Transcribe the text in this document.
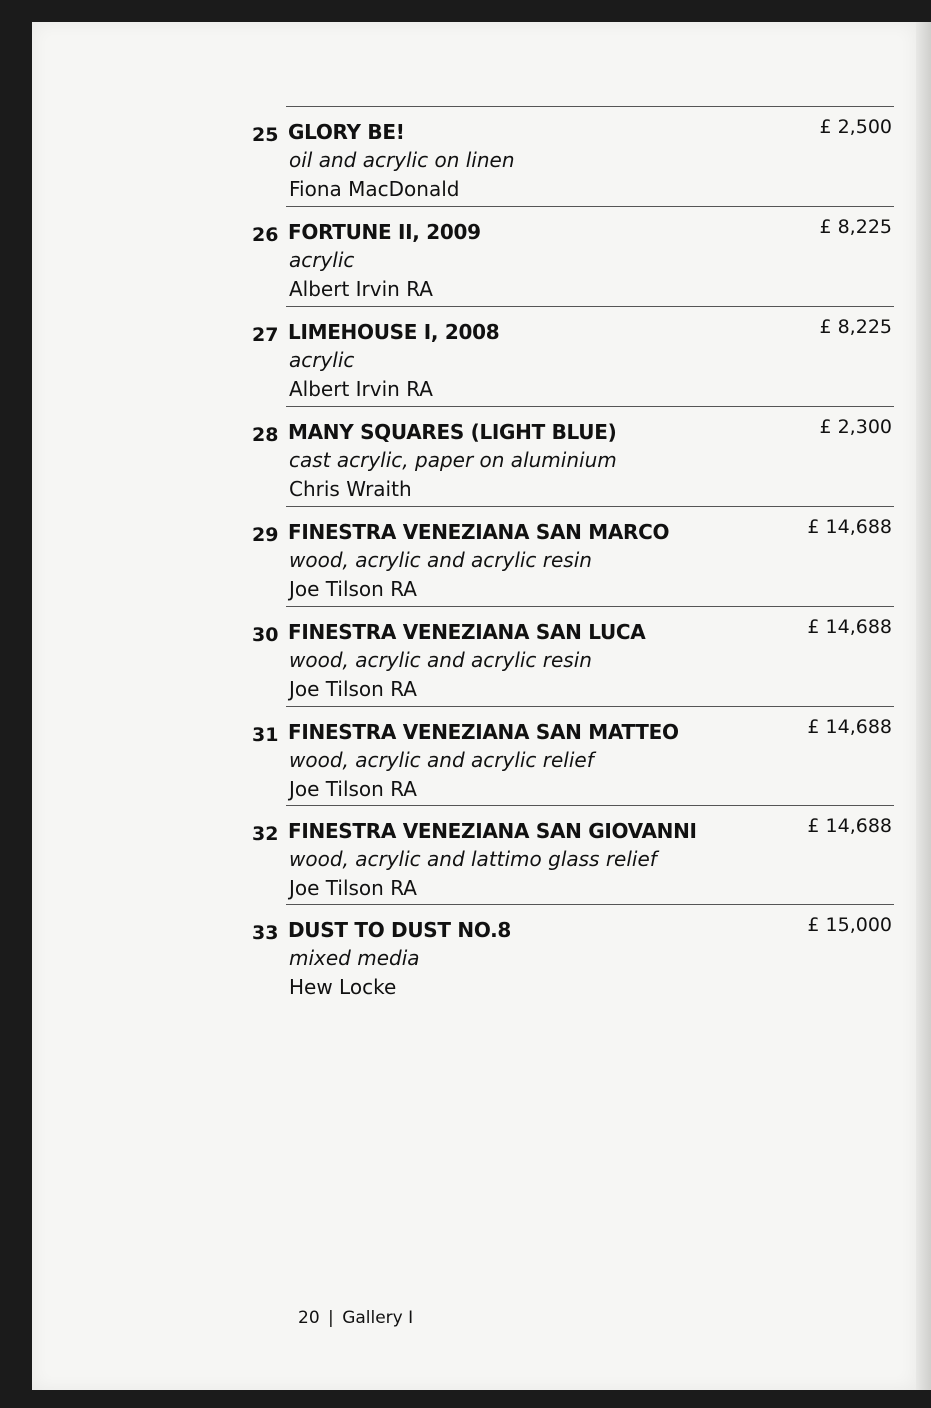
25 GLORY BE!
oil and acrylic on linen
Fiona MacDonald
£ 2,500
26 FORTUNE II, 2009
acrylic
Albert Irvin RA
£ 8,225
27 LIMEHOUSE I, 2008
acrylic
Albert Irvin RA
£ 8,225
28 MANY SQUARES (LIGHT BLUE)
cast acrylic, paper on aluminium
Chris Wraith
£ 2,300
29 FINESTRA VENEZIANA SAN MARCO
wood, acrylic and acrylic resin
Joe Tilson RA
£ 14,688
30 FINESTRA VENEZIANA SAN LUCA
wood, acrylic and acrylic resin
Joe Tilson RA
£ 14,688
31 FINESTRA VENEZIANA SAN MATTEO
wood, acrylic and acrylic relief
Joe Tilson RA
£ 14,688
32 FINESTRA VENEZIANA SAN GIOVANNI
wood, acrylic and lattimo glass relief
Joe Tilson RA
£ 14,688
33 DUST TO DUST NO.8
mixed media
Hew Locke
£ 15,000
20 | Gallery I
